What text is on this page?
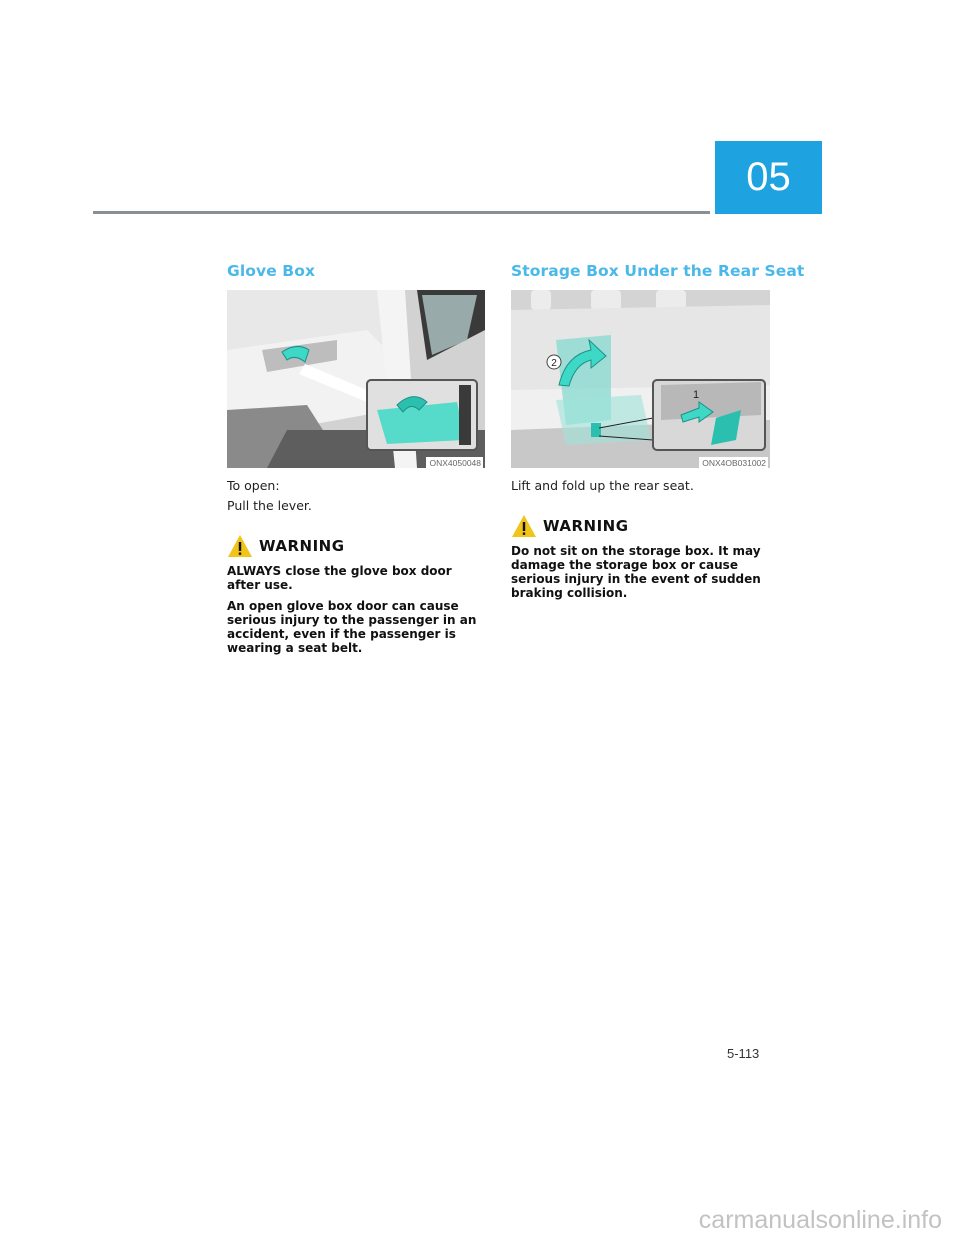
05
Glove Box
ONX4050048

To open:

Pull the lever.

WARNING

ALWAYS close the glove box door after use.

An open glove box door can cause serious injury to the passenger in an accident, even if the passenger is wearing a seat belt.

Storage Box Under the Rear Seat
2
1
ONX4OB031002

Lift and fold up the rear seat.

WARNING

Do not sit on the storage box. It may damage the storage box or cause serious injury in the event of sudden braking collision.

5-113
carmanualsonline.info
